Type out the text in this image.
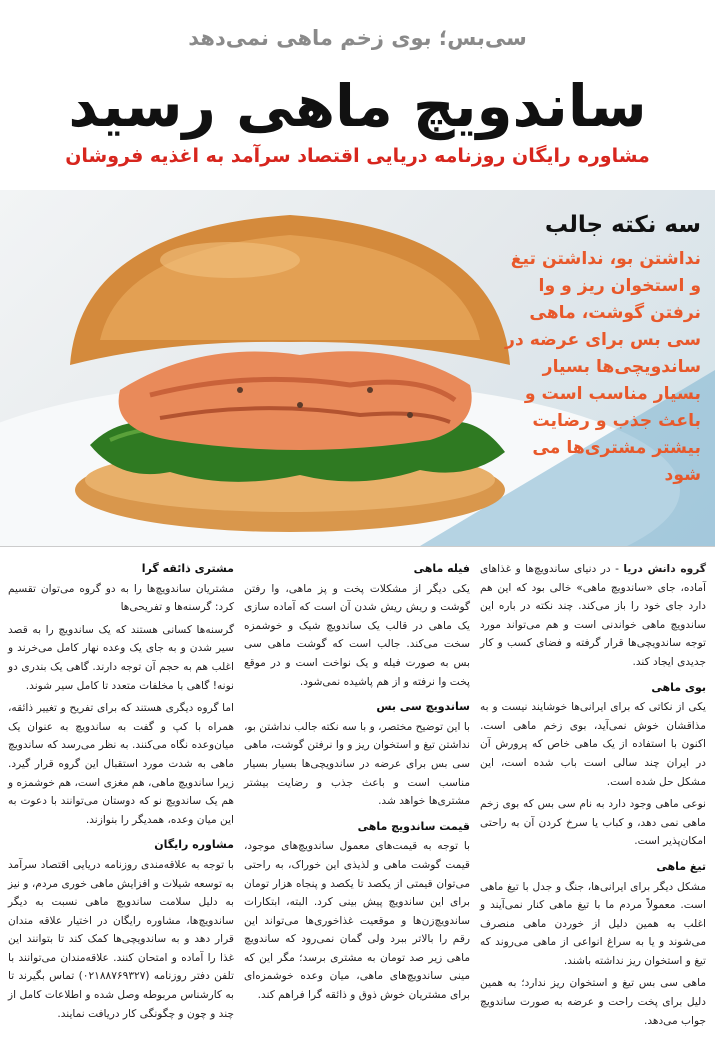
سی‌بس؛ بوی زخم ماهی نمی‌دهد
ساندویچ ماهی رسید
مشاوره رایگان روزنامه دریایی اقتصاد سرآمد به اغذیه فروشان
سه نکته جالب
نداشتن بو، نداشتن تیغ و استخوان ریز و وا نرفتن گوشت، ماهی سی بس برای عرضه در ساندویچی‌ها بسیار بسیار مناسب است و باعث جذب و رضایت بیشتر مشتری‌ها می شود

گروه دانش دریا - در دنیای ساندویچ‌ها و غذاهای آماده، جای «ساندویچ ماهی» خالی بود که این هم دارد جای خود را باز می‌کند. چند نکته در باره این ساندویچ ماهی خواندنی است و هم می‌تواند مورد توجه ساندویچی‌ها قرار گرفته و فضای کسب و کار جدیدی ایجاد کند.

بوی ماهی

یکی از نکاتی که برای ایرانی‌ها خوشایند نیست و به مذاقشان خوش نمی‌آید، بوی زخم ماهی است. اکنون با استفاده از یک ماهی خاص که پرورش آن در ایران چند سالی است باب شده است، این مشکل حل شده است.

نوعی ماهی وجود دارد به نام سی بس که بوی زخم ماهی نمی دهد، و کباب یا سرخ کردن آن به راحتی امکان‌پذیر است.

تیغ ماهی

مشکل دیگر برای ایرانی‌ها، جنگ و جدل با تیغ ماهی است. معمولاً مردم ما با تیغ ماهی کنار نمی‌آیند و اغلب به همین دلیل از خوردن ماهی منصرف می‌شوند و یا به سراغ انواعی از ماهی می‌روند که تیغ و استخوان ریز نداشته باشند.

ماهی سی بس تیغ و استخوان ریز ندارد؛ به همین دلیل برای پخت راحت و عرضه به صورت ساندویچ جواب می‌دهد.

فیله ماهی

یکی دیگر از مشکلات پخت و پز ماهی، وا رفتن گوشت و ریش ریش شدن آن است که آماده سازی یک ماهی در قالب یک ساندویچ شیک و خوشمزه سخت می‌کند. جالب است که گوشت ماهی سی بس به صورت فیله و یک نواخت است و در موقع پخت وا نرفته و از هم پاشیده نمی‌شود.

ساندویچ سی بس

با این توضیح مختصر، و با سه نکته جالب نداشتن بو، نداشتن تیغ و استخوان ریز و وا نرفتن گوشت، ماهی سی بس برای عرضه در ساندویچی‌ها بسیار بسیار مناسب است و باعث جذب و رضایت بیشتر مشتری‌ها خواهد شد.

قیمت ساندویچ ماهی

با توجه به قیمت‌های معمول ساندویچ‌های موجود، قیمت گوشت ماهی و لذیذی این خوراک، به راحتی می‌توان قیمتی از یکصد تا یکصد و پنجاه هزار تومان برای این ساندویچ پیش بینی کرد. البته، ابتکارات ساندویچ‌زن‌ها و موقعیت غذاخوری‌ها می‌تواند این رقم را بالاتر ببرد ولی گمان نمی‌رود که ساندویچ ماهی زیر صد تومان به مشتری برسد؛ مگر این که مینی ساندویچ‌های ماهی، میان وعده خوشمزه‌ای برای مشتریان خوش ذوق و ذائقه گرا فراهم کند.

مشتری ذائقه گرا

مشتریان ساندویچ‌ها را به دو گروه می‌توان تقسیم کرد: گرسنه‌ها و تفریحی‌ها

گرسنه‌ها کسانی هستند که یک ساندویچ را به قصد سیر شدن و به جای یک وعده نهار کامل می‌خرند و اغلب هم به حجم آن توجه دارند. گاهی یک بندری دو نونه! گاهی با مخلفات متعدد تا کامل سیر شوند.

اما گروه دیگری هستند که برای تفریح و تغییر ذائقه، همراه با کپ و گفت به ساندویچ به عنوان یک میان‌وعده نگاه می‌کنند. به نظر می‌رسد که ساندویچ ماهی به شدت مورد استقبال این گروه قرار گیرد. زیرا ساندویچ ماهی، هم مغزی است، هم خوشمزه و هم یک ساندویچ نو که دوستان می‌توانند با دعوت به این میان وعده، همدیگر را بنوازند.

مشاوره رایگان

با توجه به علاقه‌مندی روزنامه دریایی اقتصاد سرآمد به توسعه شیلات و افزایش ماهی خوری مردم، و نیز به دلیل سلامت ساندویچ ماهی نسبت به دیگر ساندویچ‌ها، مشاوره رایگان در اختیار علاقه مندان قرار دهد و به ساندویچی‌ها کمک کند تا بتوانند این غذا را آماده و امتحان کنند. علاقه‌مندان می‌توانند با تلفن دفتر روزنامه (۰۲۱۸۸۷۶۹۳۲۷) تماس بگیرند تا به کارشناس مربوطه وصل شده و اطلاعات کامل از چند و چون و چگونگی کار دریافت نمایند.
